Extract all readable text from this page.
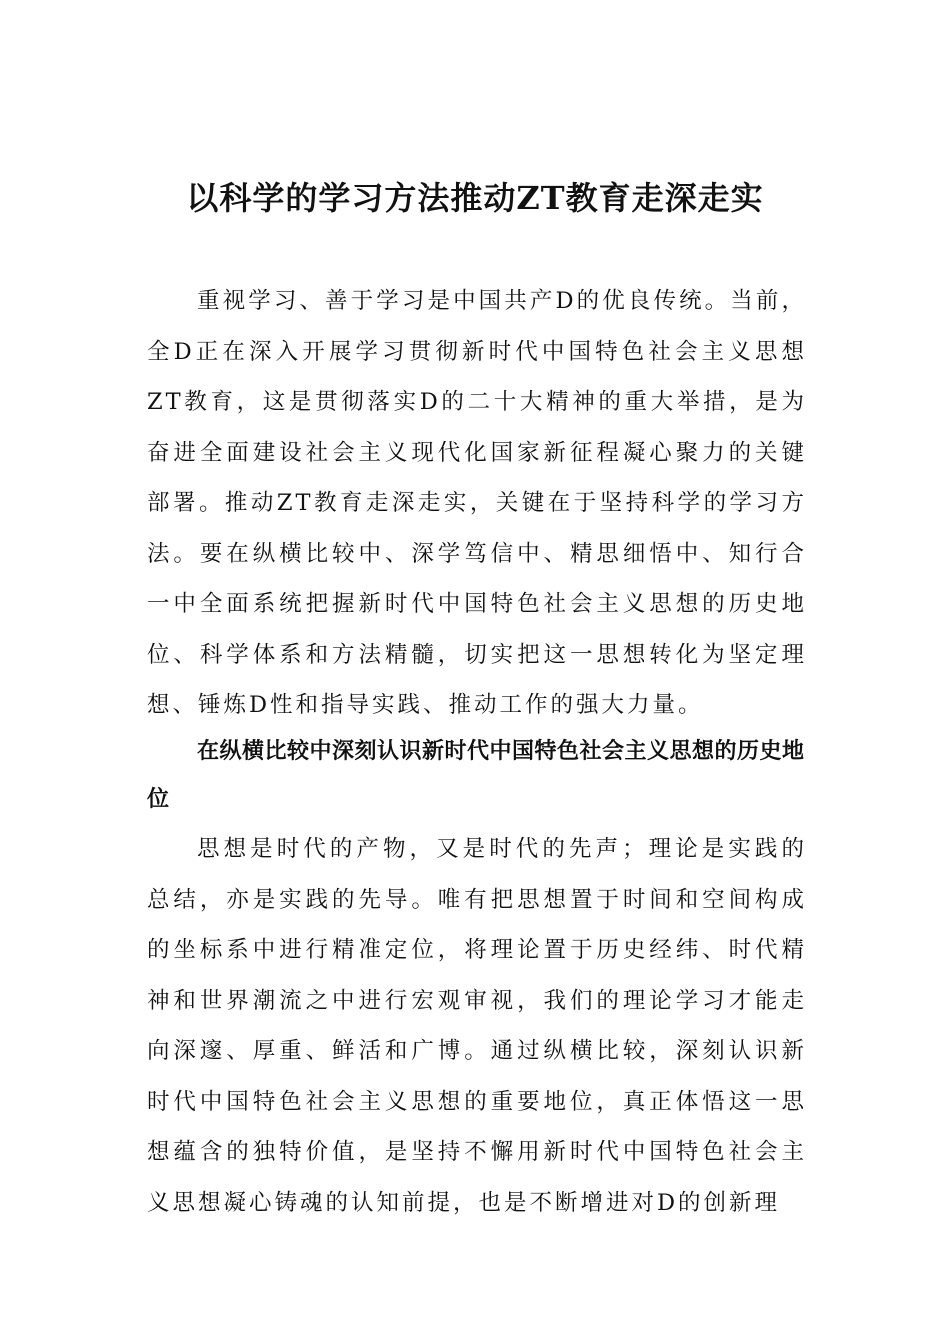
以科学的学习方法推动ZT教育走深走实

重视学习、善于学习是中国共产D的优良传统。当前，全D正在深入开展学习贯彻新时代中国特色社会主义思想ZT教育，这是贯彻落实D的二十大精神的重大举措，是为奋进全面建设社会主义现代化国家新征程凝心聚力的关键部署。推动ZT教育走深走实，关键在于坚持科学的学习方法。要在纵横比较中、深学笃信中、精思细悟中、知行合一中全面系统把握新时代中国特色社会主义思想的历史地位、科学体系和方法精髓，切实把这一思想转化为坚定理想、锤炼D性和指导实践、推动工作的强大力量。

在纵横比较中深刻认识新时代中国特色社会主义思想的历史地位

思想是时代的产物，又是时代的先声；理论是实践的总结，亦是实践的先导。唯有把思想置于时间和空间构成的坐标系中进行精准定位，将理论置于历史经纬、时代精神和世界潮流之中进行宏观审视，我们的理论学习才能走向深邃、厚重、鲜活和广博。通过纵横比较，深刻认识新时代中国特色社会主义思想的重要地位，真正体悟这一思想蕴含的独特价值，是坚持不懈用新时代中国特色社会主义思想凝心铸魂的认知前提，也是不断增进对D的创新理
